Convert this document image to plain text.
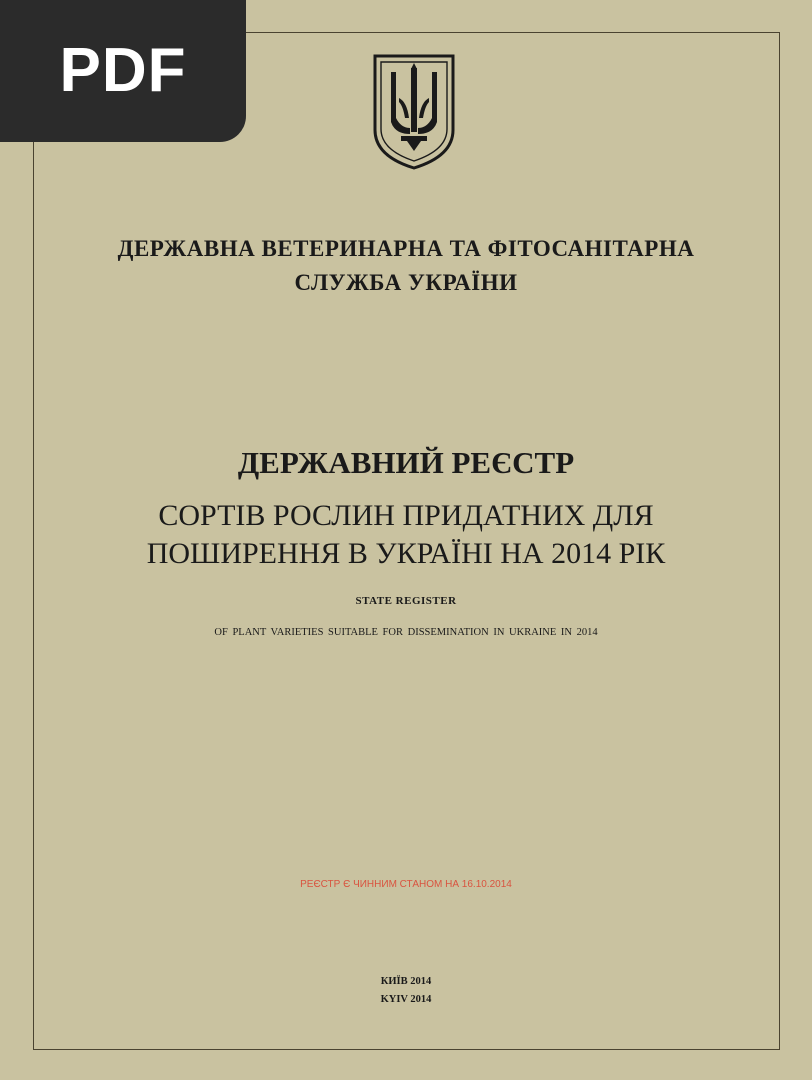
PDF
ДЕРЖАВНА ВЕТЕРИНАРНА ТА ФІТОСАНІТАРНА
СЛУЖБА УКРАЇНИ
ДЕРЖАВНИЙ РЕЄСТР
СОРТІВ РОСЛИН ПРИДАТНИХ ДЛЯ
ПОШИРЕННЯ В УКРАЇНІ НА 2014 РІК
STATE REGISTER
OF PLANT VARIETIES SUITABLE FOR DISSEMINATION IN UKRAINE IN 2014
РЕЄСТР Є ЧИННИМ СТАНОМ НА 16.10.2014
КИЇВ 2014
KYIV 2014
